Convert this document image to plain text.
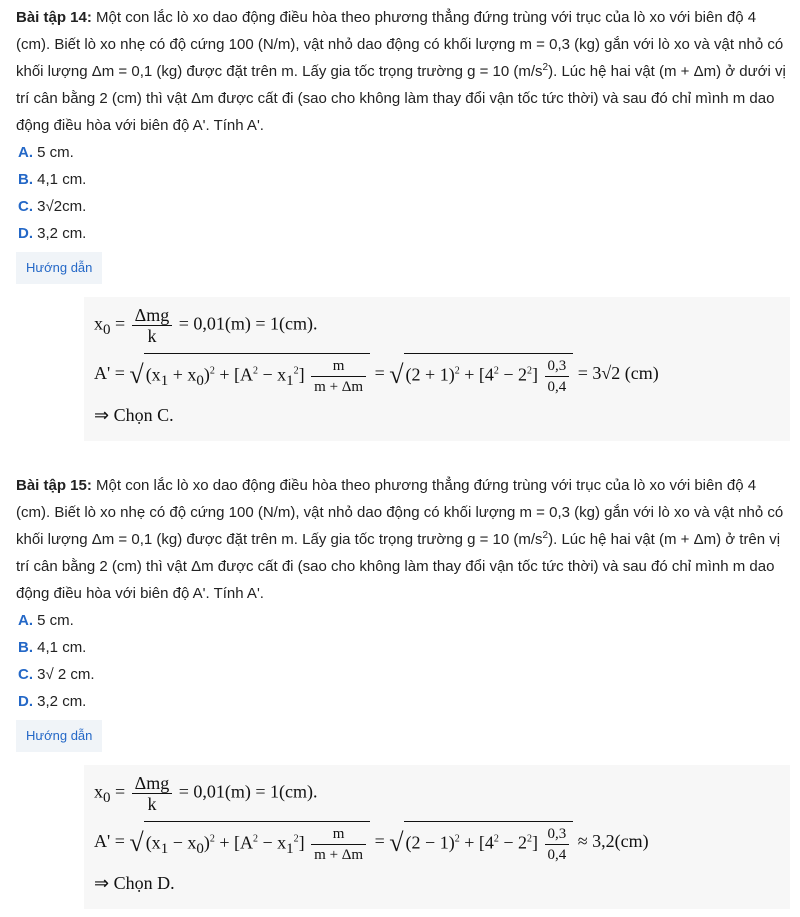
Bài tập 14: Một con lắc lò xo dao động điều hòa theo phương thẳng đứng trùng với trục của lò xo với biên độ 4 (cm). Biết lò xo nhẹ có độ cứng 100 (N/m), vật nhỏ dao động có khối lượng m = 0,3 (kg) gắn với lò xo và vật nhỏ có khối lượng Δm = 0,1 (kg) được đặt trên m. Lấy gia tốc trọng trường g = 10 $(m/s^2)$. Lúc hệ hai vật (m + Δm) ở dưới vị trí cân bằng 2 (cm) thì vật Δm được cất đi (sao cho không làm thay đổi vận tốc tức thời) và sau đó chỉ mình m dao động điều hòa với biên độ A'. Tính A'.

A. 5 cm.
B. 4,1 cm.
C. 3√2cm.
D. 3,2 cm.
Hướng dẫn
$x_0 = \frac{\text{Δmg}}{k} = 0,01(m) = 1(cm)$.
A' = √ $(x_1 + x_0)^2 + [A^2 - x_1^2] \frac{m}{m + \Delta m}$ = √ $(2 + 1)^2 + [4^2 - 2^2] \frac{0,3}{0,4} = 3√2$ (cm)
⇒ Chọn C.

Bài tập 15: Một con lắc lò xo dao động điều hòa theo phương thẳng đứng trùng với trục của lò xo với biên độ 4 (cm). Biết lò xo nhẹ có độ cứng 100 (N/m), vật nhỏ dao động có khối lượng m = 0,3 (kg) gắn với lò xo và vật nhỏ có khối lượng Δm = 0,1 (kg) được đặt trên m. Lấy gia tốc trọng trường g = 10 $(m/s^2)$. Lúc hệ hai vật (m + Δm) ở trên vị trí cân bằng 2 (cm) thì vật Δm được cất đi (sao cho không làm thay đổi vận tốc tức thời) và sau đó chỉ mình m dao động điều hòa với biên độ A'. Tính A'.

A. 5 cm.
B. 4,1 cm.
C. 3√ 2 cm.
D. 3,2 cm.
Hướng dẫn
$x_0 = \frac{\text{Δmg}}{k} = 0,01(m) = 1(cm)$.
A' = √ $(x_1 - x_0)^2 + [A^2 - x_1^2] \frac{m}{m + \Delta m}$ = √ $(2 - 1)^2 + [4^2 - 2^2] \frac{0,3}{0,4} \approx 3,2(cm)$
⇒ Chọn D.
